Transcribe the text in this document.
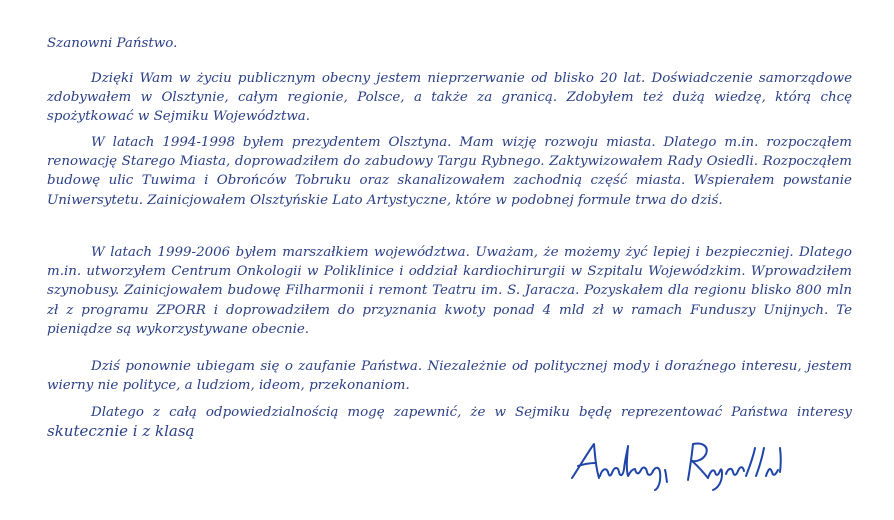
Szanowni Państwo.

Dzięki Wam w życiu publicznym obecny jestem nieprzerwanie od blisko 20 lat. Doświadczenie samorządowe zdobywałem w Olsztynie, całym regionie, Polsce, a także za granicą. Zdobyłem też dużą wiedzę, którą chcę spożytkować w Sejmiku Województwa.

W latach 1994-1998 byłem prezydentem Olsztyna. Mam wizję rozwoju miasta. Dlatego m.in. rozpocząłem renowację Starego Miasta, doprowadziłem do zabudowy Targu Rybnego. Zaktywizowałem Rady Osiedli. Rozpocząłem budowę ulic Tuwima i Obrońców Tobruku oraz skanalizowałem zachodnią część miasta. Wspierałem powstanie Uniwersytetu. Zainicjowałem Olsztyńskie Lato Artystyczne, które w podobnej formule trwa do dziś.

W latach 1999-2006 byłem marszałkiem województwa. Uważam, że możemy żyć lepiej i bezpieczniej. Dlatego m.in. utworzyłem Centrum Onkologii w Poliklinice i oddział kardiochirurgii w Szpitalu Wojewódzkim. Wprowadziłem szynobusy. Zainicjowałem budowę Filharmonii i remont Teatru im. S. Jaracza. Pozyskałem dla regionu blisko 800 mln zł z programu ZPORR i doprowadziłem do przyznania kwoty ponad 4 mld zł w ramach Funduszy Unijnych. Te pieniądze są wykorzystywane obecnie.

Dziś ponownie ubiegam się o zaufanie Państwa. Niezależnie od politycznej mody i doraźnego interesu, jestem wierny nie polityce, a ludziom, ideom, przekonaniom.

Dlatego z całą odpowiedzialnością mogę zapewnić, że w Sejmiku będę reprezentować Państwa interesy skutecznie i z klasą
